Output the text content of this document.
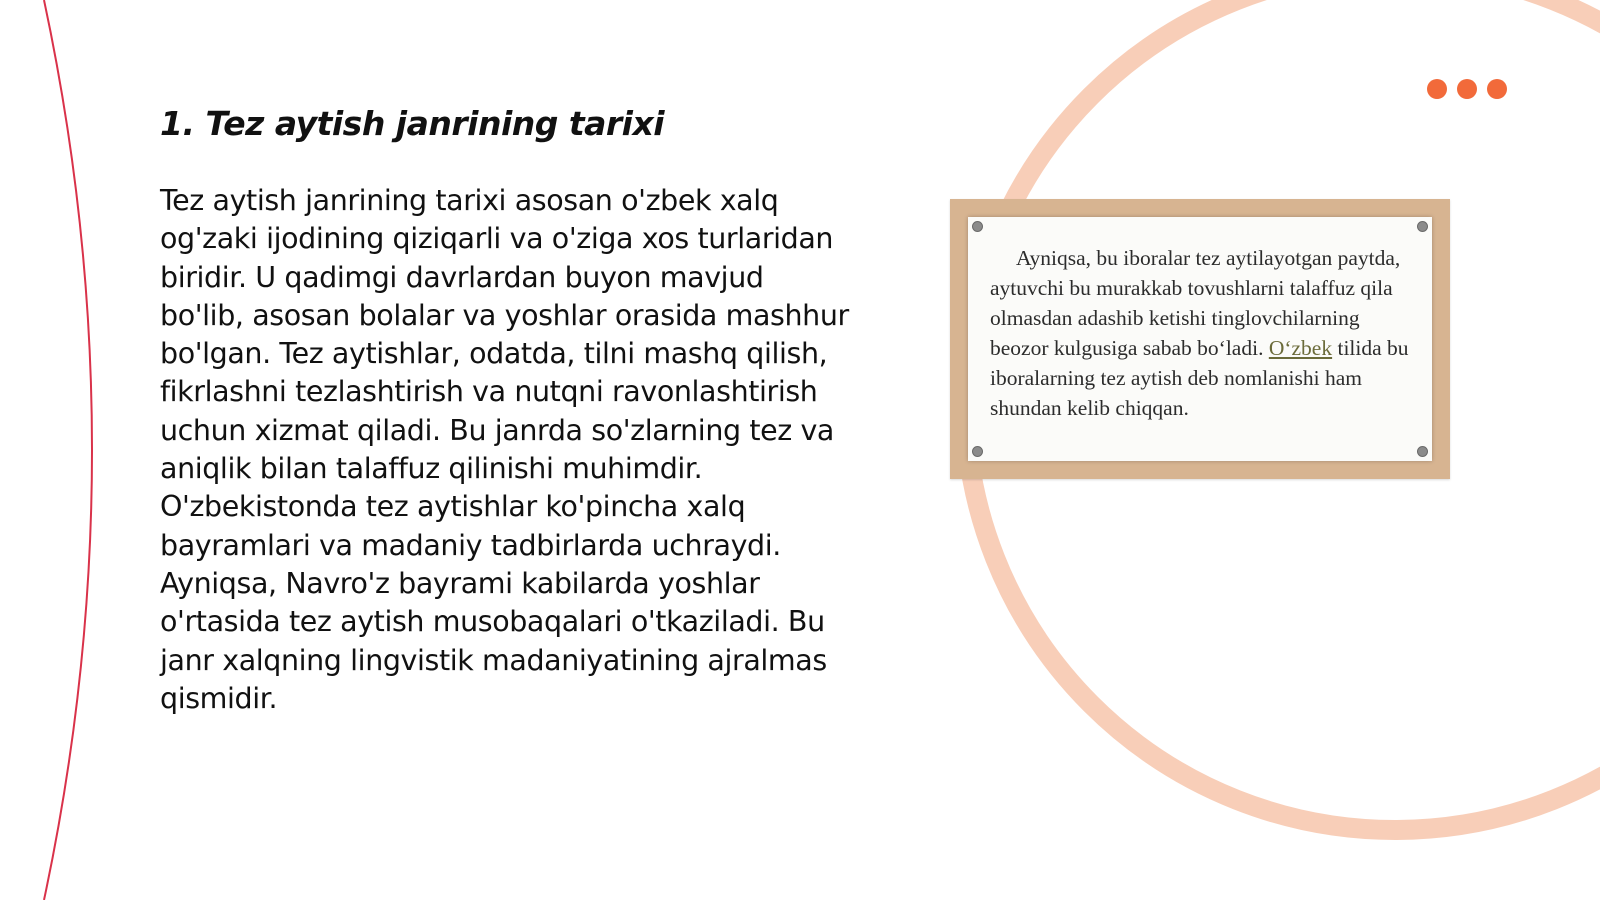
1. Tez aytish janrining tarixi

Tez aytish janrining tarixi asosan o'zbek xalq og'zaki ijodining qiziqarli va o'ziga xos turlaridan biridir. U qadimgi davrlardan buyon mavjud bo'lib, asosan bolalar va yoshlar orasida mashhur bo'lgan. Tez aytishlar, odatda, tilni mashq qilish, fikrlashni tezlashtirish va nutqni ravonlashtirish uchun xizmat qiladi. Bu janrda so'zlarning tez va aniqlik bilan talaffuz qilinishi muhimdir. O'zbekistonda tez aytishlar ko'pincha xalq bayramlari va madaniy tadbirlarda uchraydi. Ayniqsa, Navro'z bayrami kabilarda yoshlar o'rtasida tez aytish musobaqalari o'tkaziladi. Bu janr xalqning lingvistik madaniyatining ajralmas qismidir.

Ayniqsa, bu iboralar tez aytilayotgan paytda, aytuvchi bu murakkab tovushlarni talaffuz qila olmasdan adashib ketishi tinglovchilarning beozor kulgusiga sabab boʻladi. Oʻzbek tilida bu iboralarning tez aytish deb nomlanishi ham shundan kelib chiqqan.
